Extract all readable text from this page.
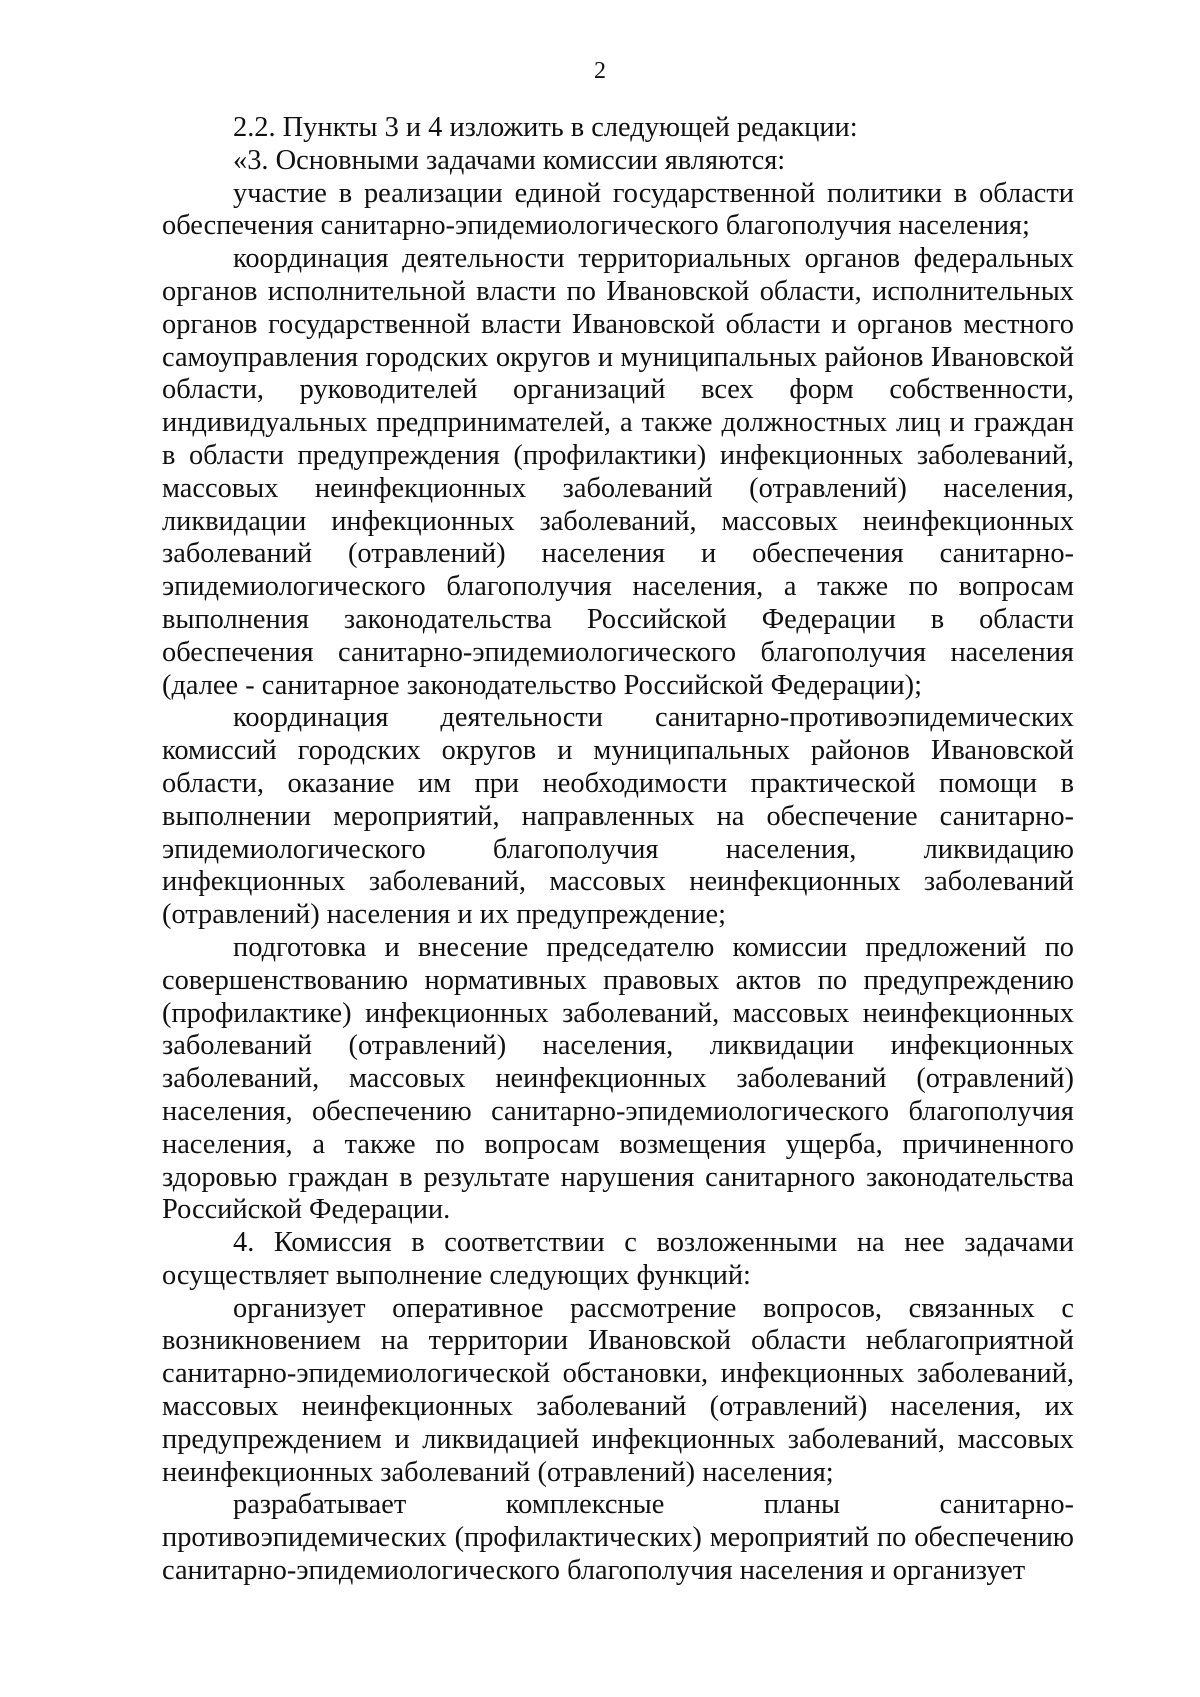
2

2.2. Пункты 3 и 4 изложить в следующей редакции:

«3. Основными задачами комиссии являются:

участие в реализации единой государственной политики в области обеспечения санитарно-эпидемиологического благополучия населения;

координация деятельности территориальных органов федеральных органов исполнительной власти по Ивановской области, исполнительных органов государственной власти Ивановской области и органов местного самоуправления городских округов и муниципальных районов Ивановской области, руководителей организаций всех форм собственности, индивидуальных предпринимателей, а также должностных лиц и граждан в области предупреждения (профилактики) инфекционных заболеваний, массовых неинфекционных заболеваний (отравлений) населения, ликвидации инфекционных заболеваний, массовых неинфекционных заболеваний (отравлений) населения и обеспечения санитарно-эпидемиологического благополучия населения, а также по вопросам выполнения законодательства Российской Федерации в области обеспечения санитарно-эпидемиологического благополучия населения (далее - санитарное законодательство Российской Федерации);

координация деятельности санитарно-противоэпидемических комиссий городских округов и муниципальных районов Ивановской области, оказание им при необходимости практической помощи в выполнении мероприятий, направленных на обеспечение санитарно-эпидемиологического благополучия населения, ликвидацию инфекционных заболеваний, массовых неинфекционных заболеваний (отравлений) населения и их предупреждение;

подготовка и внесение председателю комиссии предложений по совершенствованию нормативных правовых актов по предупреждению (профилактике) инфекционных заболеваний, массовых неинфекционных заболеваний (отравлений) населения, ликвидации инфекционных заболеваний, массовых неинфекционных заболеваний (отравлений) населения, обеспечению санитарно-эпидемиологического благополучия населения, а также по вопросам возмещения ущерба, причиненного здоровью граждан в результате нарушения санитарного законодательства Российской Федерации.

4. Комиссия в соответствии с возложенными на нее задачами осуществляет выполнение следующих функций:

организует оперативное рассмотрение вопросов, связанных с возникновением на территории Ивановской области неблагоприятной санитарно-эпидемиологической обстановки, инфекционных заболеваний, массовых неинфекционных заболеваний (отравлений) населения, их предупреждением и ликвидацией инфекционных заболеваний, массовых неинфекционных заболеваний (отравлений) населения;

разрабатывает комплексные планы санитарно-противоэпидемических (профилактических) мероприятий по обеспечению санитарно-эпидемиологического благополучия населения и организует
